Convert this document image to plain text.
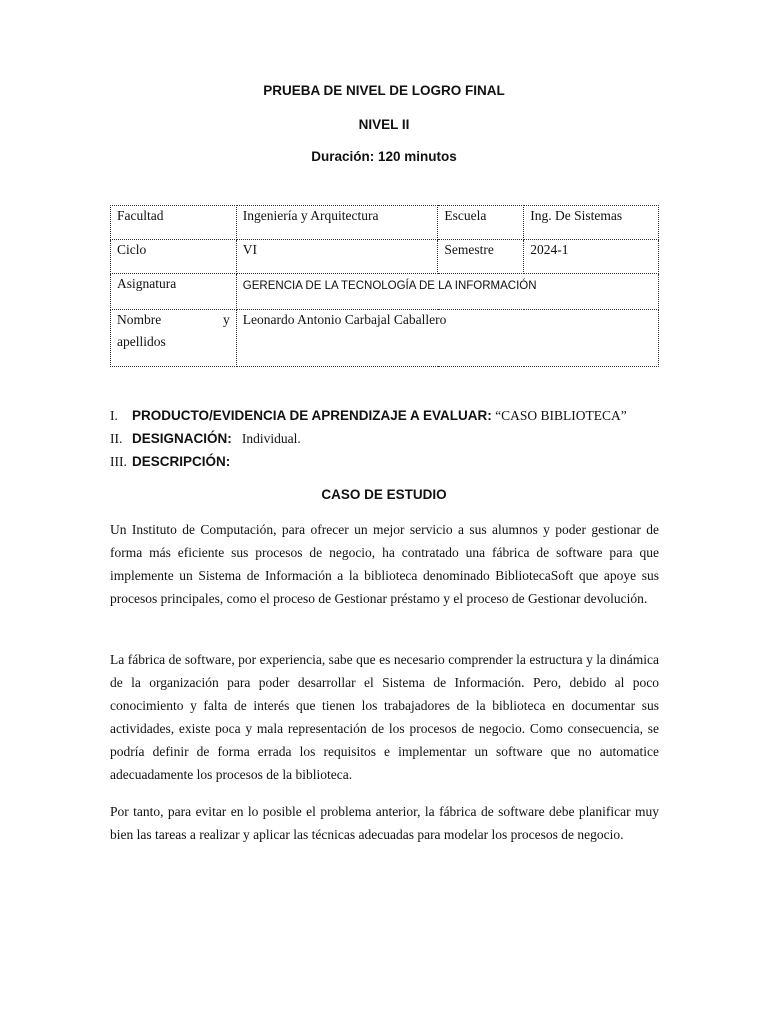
PRUEBA DE NIVEL DE LOGRO FINAL
NIVEL II
Duración: 120 minutos
Facultad	Ingeniería y Arquitectura	Escuela	Ing. De Sistemas
Ciclo	VI	Semestre	2024-1
Asignatura	GERENCIA DE LA TECNOLOGÍA DE LA INFORMACIÓN		

Nombre y
apellidos	Leonardo Antonio Carbajal Caballero		
I. PRODUCTO/EVIDENCIA DE APRENDIZAJE A EVALUAR: “CASO BIBLIOTECA”
II. DESIGNACIÓN:   Individual.
III. DESCRIPCIÓN:
CASO DE ESTUDIO

Un Instituto de Computación, para ofrecer un mejor servicio a sus alumnos y poder gestionar de forma más eficiente sus procesos de negocio, ha contratado una fábrica de software para que implemente un Sistema de Información a la biblioteca denominado BibliotecaSoft que apoye sus procesos principales, como el proceso de Gestionar préstamo y el proceso de Gestionar devolución.

La fábrica de software, por experiencia, sabe que es necesario comprender la estructura y la dinámica de la organización para poder desarrollar el Sistema de Información. Pero, debido al poco conocimiento y falta de interés que tienen los trabajadores de la biblioteca en documentar sus actividades, existe poca y mala representación de los procesos de negocio. Como consecuencia, se podría definir de forma errada los requisitos e implementar un software que no automatice adecuadamente los procesos de la biblioteca.

Por tanto, para evitar en lo posible el problema anterior, la fábrica de software debe planificar muy bien las tareas a realizar y aplicar las técnicas adecuadas para modelar los procesos de negocio.
